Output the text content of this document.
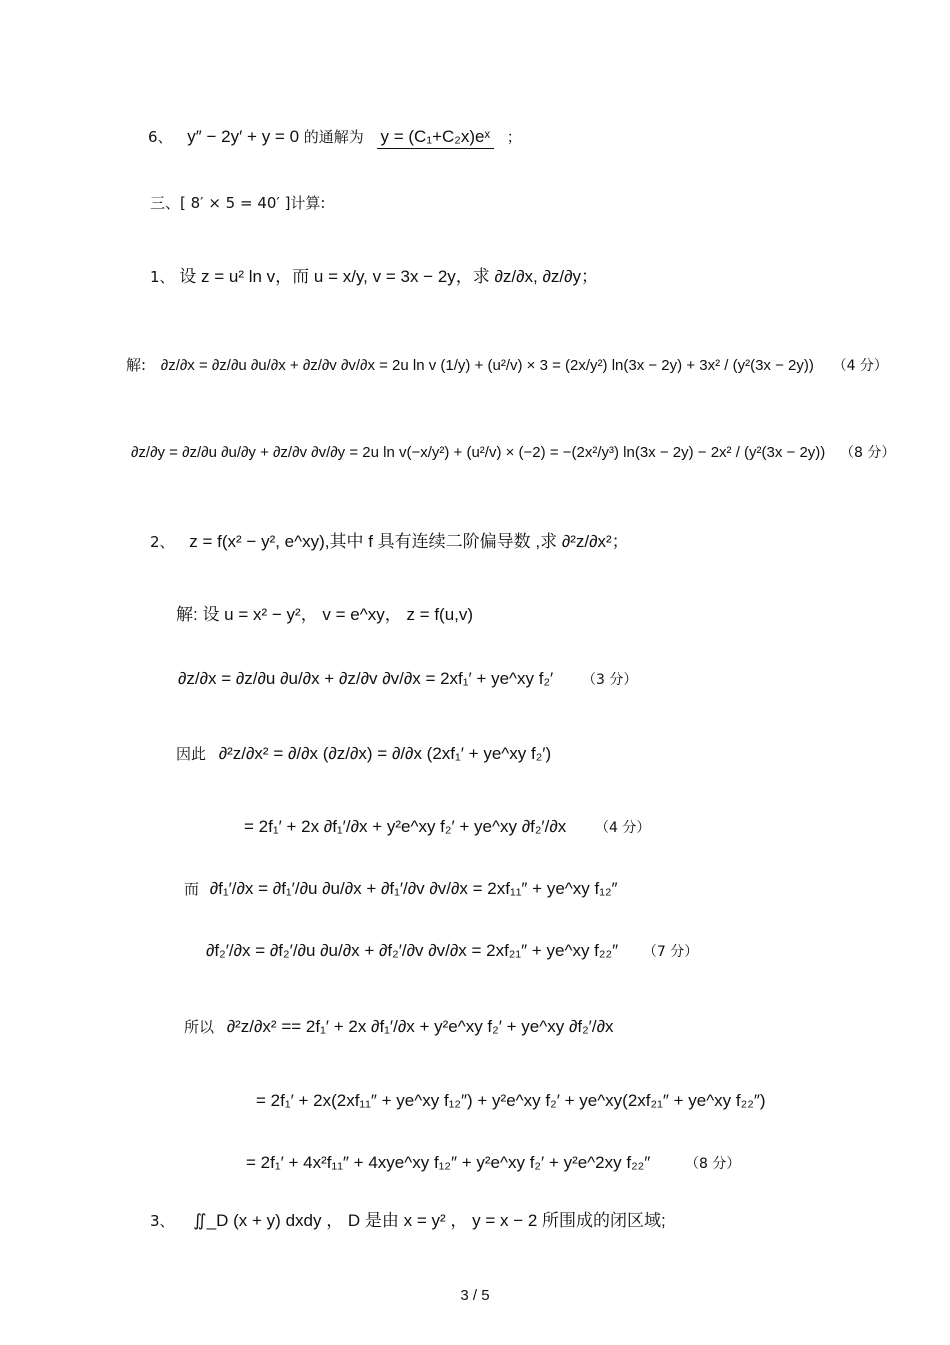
6、 y″ − 2y′ + y = 0 的通解为 y = (C₁+C₂x)eˣ ；
三、[ 8′ × 5 = 40′ ]计算:
1、 设 z = u² ln v，而 u = x/y, v = 3x − 2y，求 ∂z/∂x, ∂z/∂y；
解: ∂z/∂x = ∂z/∂u ∂u/∂x + ∂z/∂v ∂v/∂x = 2u ln v (1/y) + (u²/v) × 3 = (2x/y²) ln(3x − 2y) + 3x² / (y²(3x − 2y)) （4 分）
∂z/∂y = ∂z/∂u ∂u/∂y + ∂z/∂v ∂v/∂y = 2u ln v(−x/y²) + (u²/v) × (−2) = −(2x²/y³) ln(3x − 2y) − 2x² / (y²(3x − 2y)) （8 分）
2、 z = f(x² − y², e^xy),其中 f 具有连续二阶偏导数 ,求 ∂²z/∂x²；
解: 设 u = x² − y²， v = e^xy， z = f(u,v)
∂z/∂x = ∂z/∂u ∂u/∂x + ∂z/∂v ∂v/∂x = 2xf₁′ + ye^xy f₂′ （3 分）
因此 ∂²z/∂x² = ∂/∂x (∂z/∂x) = ∂/∂x (2xf₁′ + ye^xy f₂′)
= 2f₁′ + 2x ∂f₁′/∂x + y²e^xy f₂′ + ye^xy ∂f₂′/∂x （4 分）
而 ∂f₁′/∂x = ∂f₁′/∂u ∂u/∂x + ∂f₁′/∂v ∂v/∂x = 2xf₁₁″ + ye^xy f₁₂″
∂f₂′/∂x = ∂f₂′/∂u ∂u/∂x + ∂f₂′/∂v ∂v/∂x = 2xf₂₁″ + ye^xy f₂₂″ （7 分）
所以 ∂²z/∂x² == 2f₁′ + 2x ∂f₁′/∂x + y²e^xy f₂′ + ye^xy ∂f₂′/∂x
= 2f₁′ + 2x(2xf₁₁″ + ye^xy f₁₂″) + y²e^xy f₂′ + ye^xy(2xf₂₁″ + ye^xy f₂₂″)
= 2f₁′ + 4x²f₁₁″ + 4xye^xy f₁₂″ + y²e^xy f₂′ + y²e^2xy f₂₂″ （8 分）
3、 ∬_D (x + y) dxdy ， D 是由 x = y² ， y = x − 2 所围成的闭区域;
3 / 5
